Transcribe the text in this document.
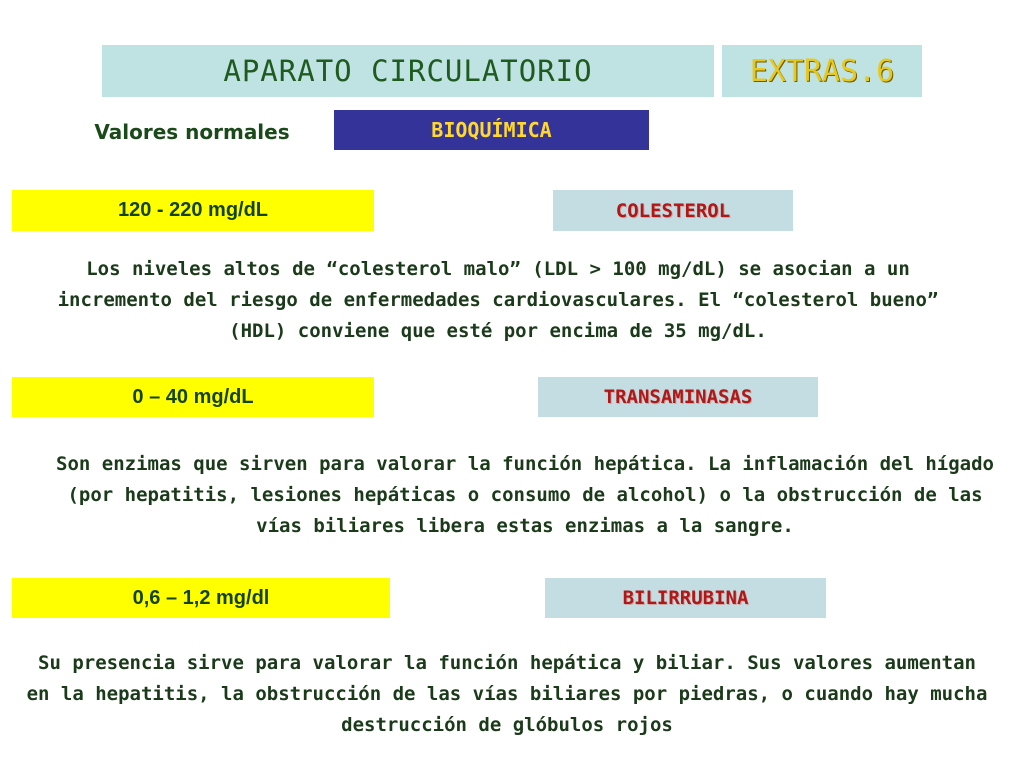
APARATO CIRCULATORIO	EXTRAS.6
Valores normales	BIOQUÍMICA
120 - 220 mg/dL	COLESTEROL

Los niveles altos de “colesterol malo” (LDL > 100 mg/dL) se asocian a un incremento del riesgo de enfermedades cardiovasculares. El “colesterol bueno” (HDL) conviene que esté por encima de 35 mg/dL.

0 – 40 mg/dL	TRANSAMINASAS

Son enzimas que sirven para valorar la función hepática. La inflamación del hígado (por hepatitis, lesiones hepáticas o consumo de alcohol) o la obstrucción de las vías biliares libera estas enzimas a la sangre.

0,6 – 1,2 mg/dl	BILIRRUBINA

Su presencia sirve para valorar la función hepática y biliar. Sus valores aumentan en la hepatitis, la obstrucción de las vías biliares por piedras, o cuando hay mucha destrucción de glóbulos rojos
